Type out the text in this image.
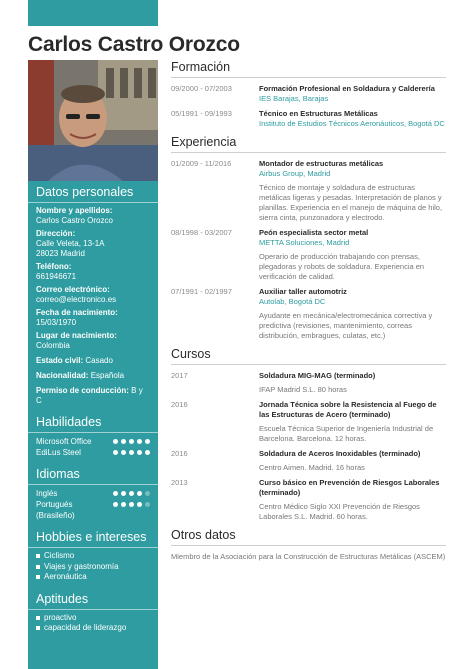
Carlos Castro Orozco
Datos personales
Nombre y apellidos:
Carlos Castro Orozco
Dirección:
Calle Veleta, 13-1A
28023 Madrid
Teléfono:
661946671
Correo electrónico:
correo@electronico.es
Fecha de nacimiento:
15/03/1970
Lugar de nacimiento:
Colombia
Estado civil: Casado
Nacionalidad: Española
Permiso de conducción: B y C
Habilidades
Microsoft Office
EdiLus Steel
Idiomas
Inglés
Portugués
(Brasileño)
Hobbies e intereses
Ciclismo
Viajes y gastronomía
Aeronáutica
Aptitudes
proactivo
capacidad de liderazgo
Formación
09/2000 - 07/2003	Formación Profesional en Soldadura y Calderería
IES Barajas, Barajas
05/1991 - 09/1993	Técnico en Estructuras Metálicas
Instituto de Estudios Técnicos Aeronáuticos, Bogotá DC
Experiencia
01/2009 - 11/2016	Montador de estructuras metálicas
Airbus Group, Madrid
Técnico de montaje y soldadura de estructuras metálicas ligeras y pesadas. Interpretación de planos y planillas. Experiencia en el manejo de máquina de hilo, sierra cinta, punzonadora y electrodo.
08/1998 - 03/2007	Peón especialista sector metal
METTA Soluciones, Madrid
Operario de producción trabajando con prensas, plegadoras y robots de soldadura. Experiencia en verificación de calidad.
07/1991 - 02/1997	Auxiliar taller automotriz
Autolab, Bogotá DC
Ayudante en mecánica/electromecánica correctiva y predictiva (revisiones, mantenimiento, correas distribución, embragues, culatas, etc.)
Cursos
2017	Soldadura MIG-MAG (terminado)
IFAP Madrid S.L. 80 horas
2016	Jornada Técnica sobre la Resistencia al Fuego de las Estructuras de Acero (terminado)
Escuela Técnica Superior de Ingeniería Industrial de Barcelona. Barcelona. 12 horas.
2016	Soldadura de Aceros Inoxidables (terminado)
Centro Aimen. Madrid. 16 horas
2013	Curso básico en Prevención de Riesgos Laborales (terminado)
Centro Médico Siglo XXI Prevención de Riesgos Laborales S.L. Madrid. 60 horas.
Otros datos
Miembro de la Asociación para la Construcción de Estructuras Metálicas (ASCEM)
